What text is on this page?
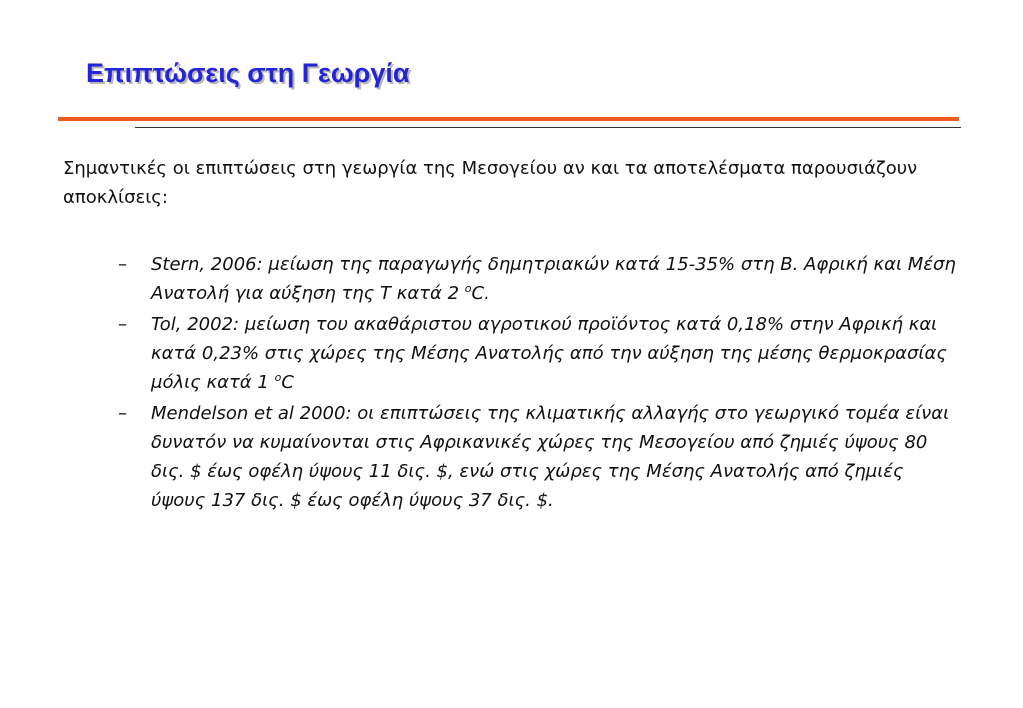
Επιπτώσεις στη Γεωργία

Σημαντικές οι επιπτώσεις στη γεωργία της Μεσογείου αν και τα αποτελέσματα παρουσιάζουν αποκλίσεις:

– Stern, 2006: μείωση της παραγωγής δημητριακών κατά 15-35% στη Β. Αφρική και Μέση Ανατολή για αύξηση της Τ κατά 2 $^o$C.
– Tol, 2002: μείωση του ακαθάριστου αγροτικού προϊόντος κατά 0,18% στην Αφρική και κατά 0,23% στις χώρες της Μέσης Ανατολής από την αύξηση της μέσης θερμοκρασίας μόλις κατά 1 $^o$C
– Mendelson et al 2000: οι επιπτώσεις της κλιματικής αλλαγής στο γεωργικό τομέα είναι δυνατόν να κυμαίνονται στις Αφρικανικές χώρες της Μεσογείου από ζημιές ύψους 80 δις. $ έως οφέλη ύψους 11 δις. $, ενώ στις χώρες της Μέσης Ανατολής από ζημιές ύψους 137 δις. $ έως οφέλη ύψους 37 δις. $.
